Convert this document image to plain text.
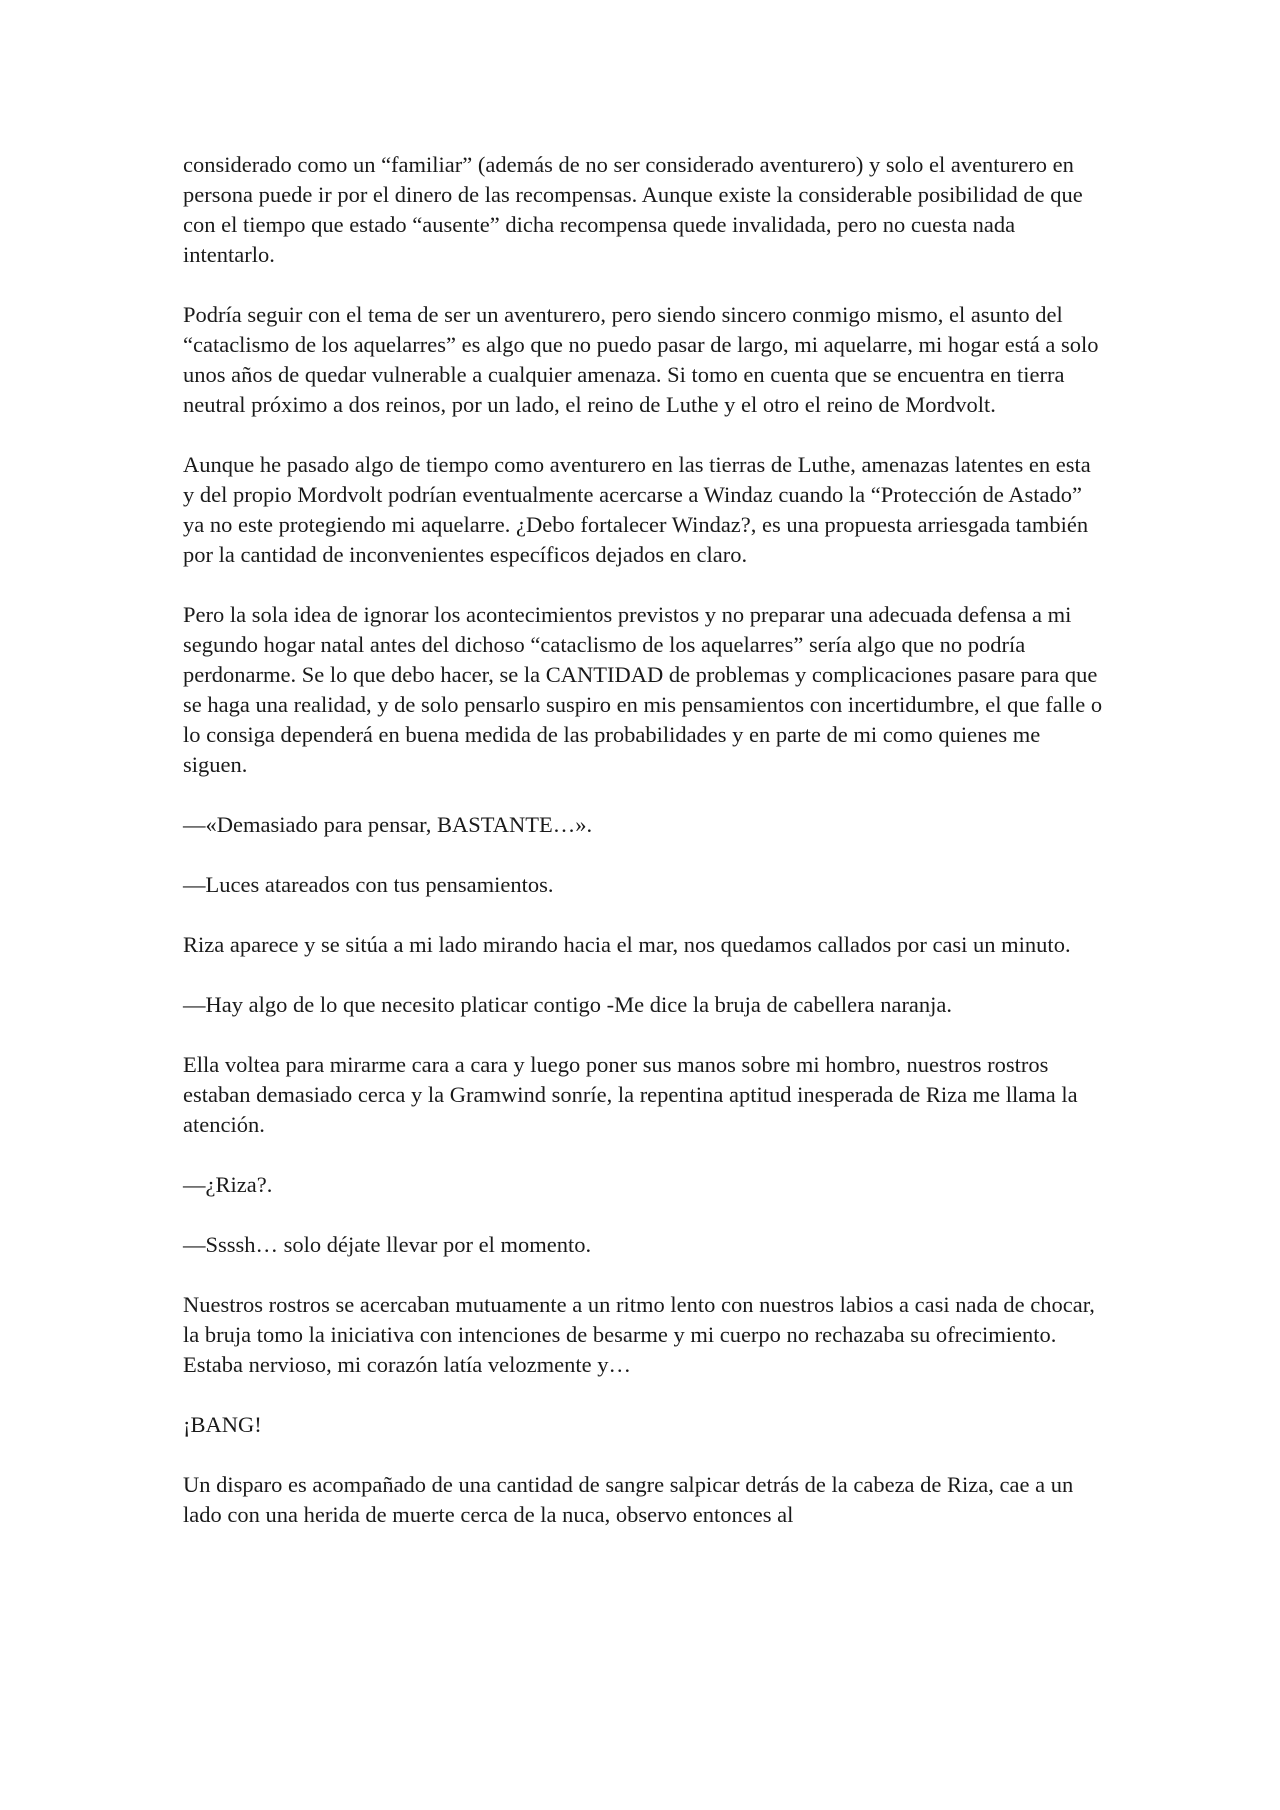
considerado como un “familiar” (además de no ser considerado aventurero) y solo el aventurero en persona puede ir por el dinero de las recompensas. Aunque existe la considerable posibilidad de que con el tiempo que estado “ausente” dicha recompensa quede invalidada, pero no cuesta nada intentarlo.

Podría seguir con el tema de ser un aventurero, pero siendo sincero conmigo mismo, el asunto del “cataclismo de los aquelarres” es algo que no puedo pasar de largo, mi aquelarre, mi hogar está a solo unos años de quedar vulnerable a cualquier amenaza. Si tomo en cuenta que se encuentra en tierra neutral próximo a dos reinos, por un lado, el reino de Luthe y el otro el reino de Mordvolt.

Aunque he pasado algo de tiempo como aventurero en las tierras de Luthe, amenazas latentes en esta y del propio Mordvolt podrían eventualmente acercarse a Windaz cuando la “Protección de Astado” ya no este protegiendo mi aquelarre. ¿Debo fortalecer Windaz?, es una propuesta arriesgada también por la cantidad de inconvenientes específicos dejados en claro.

Pero la sola idea de ignorar los acontecimientos previstos y no preparar una adecuada defensa a mi segundo hogar natal antes del dichoso “cataclismo de los aquelarres” sería algo que no podría perdonarme. Se lo que debo hacer, se la CANTIDAD de problemas y complicaciones pasare para que se haga una realidad, y de solo pensarlo suspiro en mis pensamientos con incertidumbre, el que falle o lo consiga dependerá en buena medida de las probabilidades y en parte de mi como quienes me siguen.

—«Demasiado para pensar, BASTANTE…».

—Luces atareados con tus pensamientos.

Riza aparece y se sitúa a mi lado mirando hacia el mar, nos quedamos callados por casi un minuto.

—Hay algo de lo que necesito platicar contigo -Me dice la bruja de cabellera naranja.

Ella voltea para mirarme cara a cara y luego poner sus manos sobre mi hombro, nuestros rostros estaban demasiado cerca y la Gramwind sonríe, la repentina aptitud inesperada de Riza me llama la atención.

—¿Riza?.

—Ssssh… solo déjate llevar por el momento.

Nuestros rostros se acercaban mutuamente a un ritmo lento con nuestros labios a casi nada de chocar, la bruja tomo la iniciativa con intenciones de besarme y mi cuerpo no rechazaba su ofrecimiento. Estaba nervioso, mi corazón latía velozmente y…

¡BANG!

Un disparo es acompañado de una cantidad de sangre salpicar detrás de la cabeza de Riza, cae a un lado con una herida de muerte cerca de la nuca, observo entonces al
